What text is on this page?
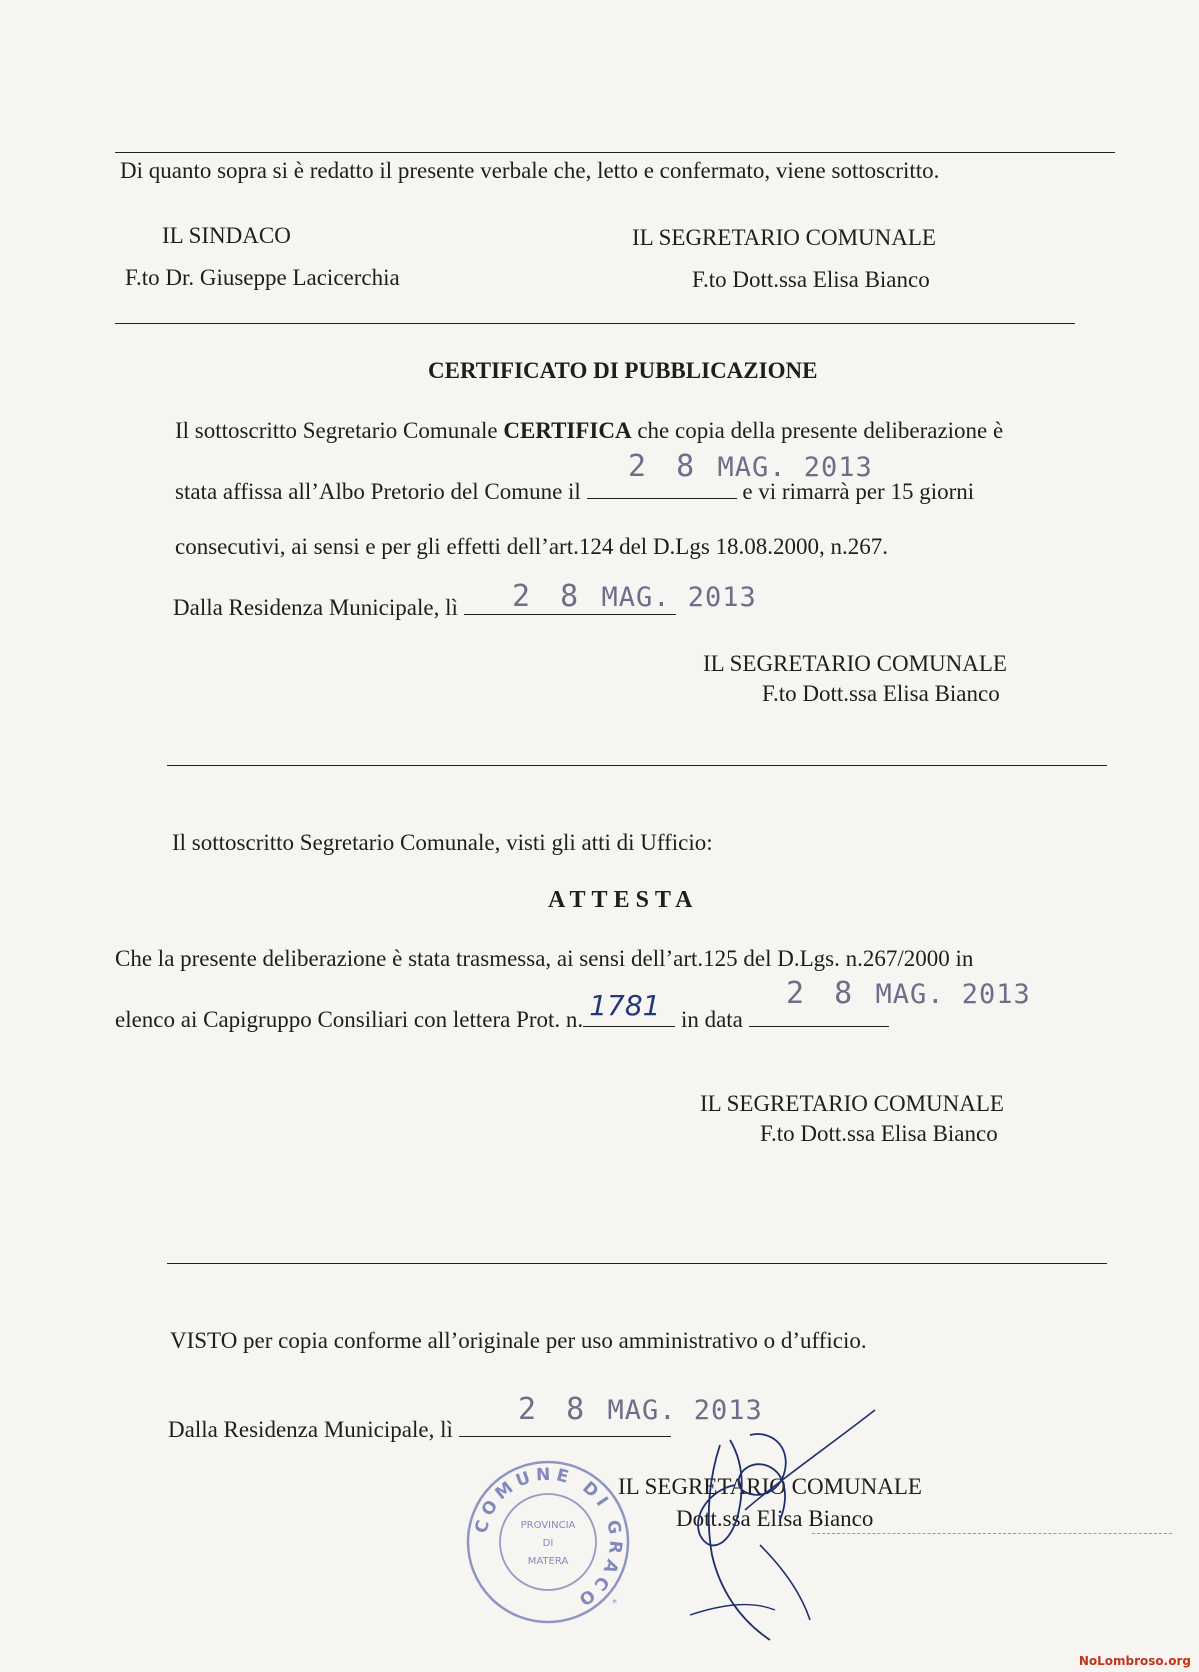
Di quanto sopra si è redatto il presente verbale che, letto e confermato, viene sottoscritto.
IL SINDACO	IL SEGRETARIO COMUNALE
F.to Dr. Giuseppe Lacicerchia	F.to Dott.ssa Elisa Bianco
CERTIFICATO DI PUBBLICAZIONE
Il sottoscritto Segretario Comunale CERTIFICA che copia della presente deliberazione è
2 8 MAG. 2013
stata affissa all’Albo Pretorio del Comune il	e vi rimarrà per 15 giorni
consecutivi, ai sensi e per gli effetti dell’art.124 del D.Lgs 18.08.2000, n.267.
2 8 MAG. 2013
Dalla Residenza Municipale, lì
IL SEGRETARIO COMUNALE
F.to Dott.ssa Elisa Bianco
Il sottoscritto Segretario Comunale, visti gli atti di Ufficio:
ATTESTA
Che la presente deliberazione è stata trasmessa, ai sensi dell’art.125 del D.Lgs. n.267/2000 in
2 8 MAG. 2013
elenco ai Capigruppo Consiliari con lettera Prot. n. 1781 in data
IL SEGRETARIO COMUNALE
F.to Dott.ssa Elisa Bianco
VISTO per copia conforme all’originale per uso amministrativo o d’ufficio.
2 8 MAG. 2013
Dalla Residenza Municipale, lì
IL SEGRETARIO COMUNALE
Dott.ssa Elisa Bianco
COMUNE DI GRACO
PROVINCIA
DI
MATERA
*
NoLombroso.org
